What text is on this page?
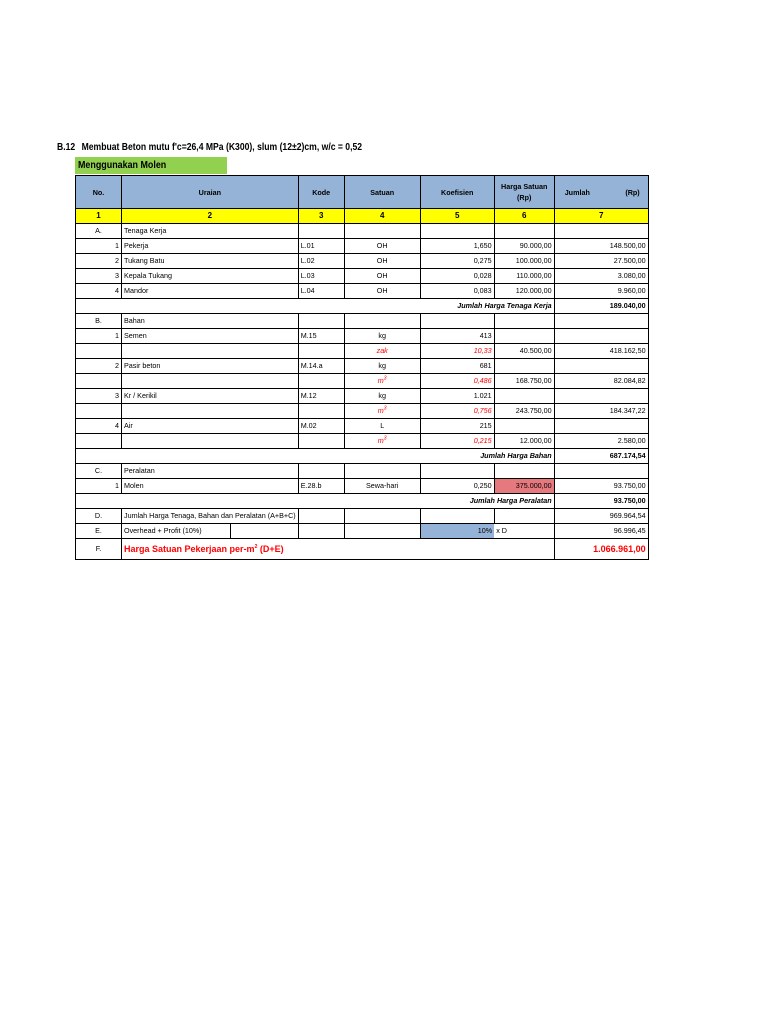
B.12 Membuat Beton mutu f'c=26,4 MPa (K300), slum (12±2)cm, w/c = 0,52
Menggunakan Molen
No.	Uraian		Kode	Satuan	Koefisien	Harga Satuan
(Rp)	Jumlah (Rp)

1	2		3	4	5	6	7
A.	Tenaga Kerja						
1	Pekerja		L.01	OH	1,650	90.000,00	148.500,00
2	Tukang Batu		L.02	OH	0,275	100.000,00	27.500,00
3	Kepala Tukang		L.03	OH	0,028	110.000,00	3.080,00
4	Mandor		L.04	OH	0,083	120.000,00	9.960,00
Jumlah Harga Tenaga Kerja							189.040,00
B.	Bahan						
1	Semen		M.15	kg	413		
				zak	10,33	40.500,00	418.162,50
2	Pasir beton		M.14.a	kg	681		
				$m^3$	0,486	168.750,00	82.084,82
3	Kr / Kerikil		M.12	kg	1.021		
				$m^3$	0,756	243.750,00	184.347,22
4	Air		M.02	L	215		
				$m^3$	0,215	12.000,00	2.580,00
Jumlah Harga Bahan							687.174,54
C.	Peralatan						
1	Molen		E.28.b	Sewa-hari	0,250	375.000,00	93.750,00
Jumlah Harga Peralatan							93.750,00
D.	Jumlah Harga Tenaga, Bahan dan Peralatan (A+B+C)						969.964,54
E.	Overhead + Profit (10%)				10%	x D	96.996,45
F.	Harga Satuan Pekerjaan per-$m^2$ (D+E)						1.066.961,00
